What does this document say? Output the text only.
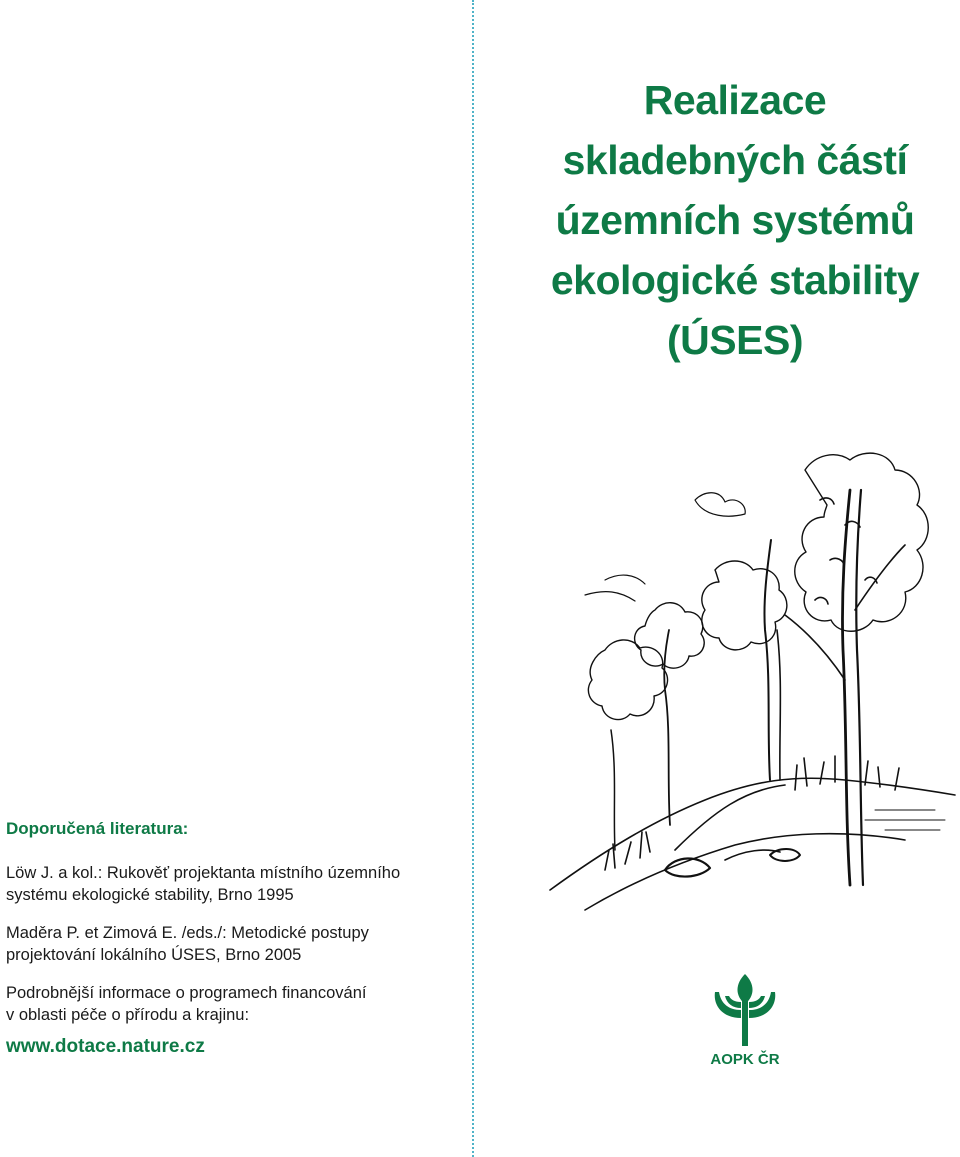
Realizace
skladebných částí
územních systémů
ekologické stability
(ÚSES)
Doporučená literatura:
Löw J. a kol.: Rukověť projektanta místního územního
systému ekologické stability, Brno 1995
Maděra P. et Zimová E. /eds./: Metodické postupy
projektování lokálního ÚSES, Brno 2005
Podrobnější informace o programech financování
v oblasti péče o přírodu a krajinu:
www.dotace.nature.cz
AOPK ČR
